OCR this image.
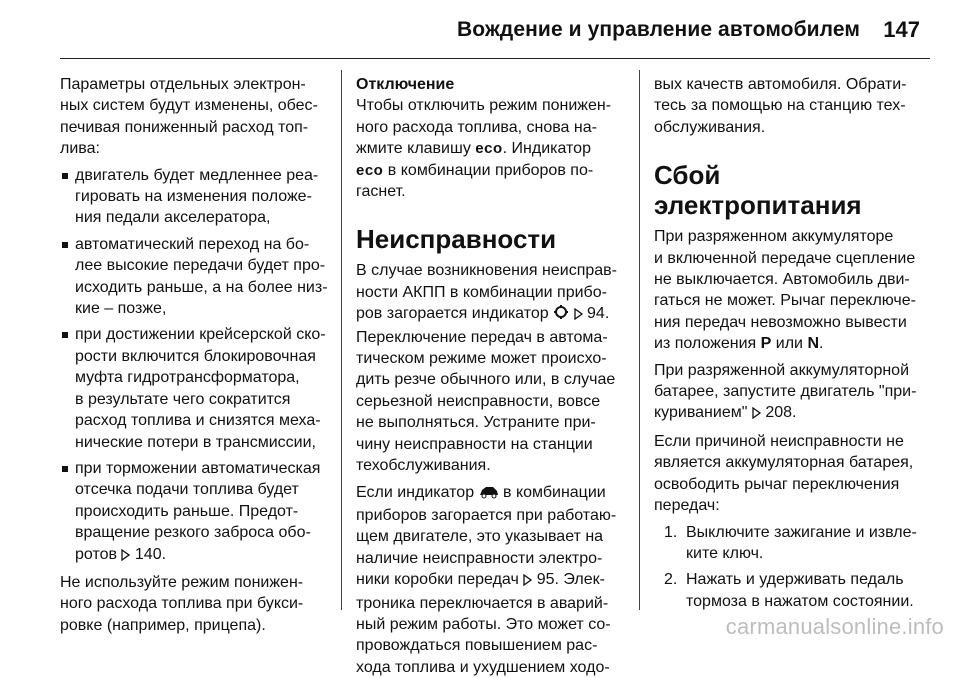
Вождение и управление автомобилем 147
Параметры отдельных электрон-
ных систем будут изменены, обес-
печивая пониженный расход топ-
лива:
двигатель будет медленнее реа-
гировать на изменения положе-
ния педали акселератора,
автоматический переход на бо-
лее высокие передачи будет про-
исходить раньше, а на более низ-
кие – позже,
при достижении крейсерской ско-
рости включится блокировочная
муфта гидротрансформатора,
в результате чего сократится
расход топлива и снизятся меха-
нические потери в трансмиссии,
при торможении автоматическая
отсечка подачи топлива будет
происходить раньше. Предот-
вращение резкого заброса обо-
ротов  140.
Не используйте режим понижен-
ного расхода топлива при букси-
ровке (например, прицепа).
Отключение
Чтобы отключить режим понижен-
ного расхода топлива, снова на-
жмите клавишу eco. Индикатор
eco в комбинации приборов по-
гаснет.
Неисправности
В случае возникновения неисправ-
ности АКПП в комбинации прибо-
ров загорается индикатор   94.
Переключение передач в автома-
тическом режиме может происхо-
дить резче обычного или, в случае
серьезной неисправности, вовсе
не выполняться. Устраните при-
чину неисправности на станции
техобслуживания.
Если индикатор  в комбинации
приборов загорается при работаю-
щем двигателе, это указывает на
наличие неисправности электро-
ники коробки передач  95. Элек-
троника переключается в аварий-
ный режим работы. Это может со-
провождаться повышением рас-
хода топлива и ухудшением ходо-
вых качеств автомобиля. Обрати-
тесь за помощью на станцию тех-
обслуживания.
Сбой электропитания
При разряженном аккумуляторе
и включенной передаче сцепление
не выключается. Автомобиль дви-
гаться не может. Рычаг переключе-
ния передач невозможно вывести
из положения P или N.
При разряженной аккумуляторной
батарее, запустите двигатель "при-
куриванием"  208.
Если причиной неисправности не
является аккумуляторная батарея,
освободить рычаг переключения
передач:
1. Выключите зажигание и извле-
ките ключ.
2. Нажать и удерживать педаль
тормоза в нажатом состоянии.
carmanualsonline.info
